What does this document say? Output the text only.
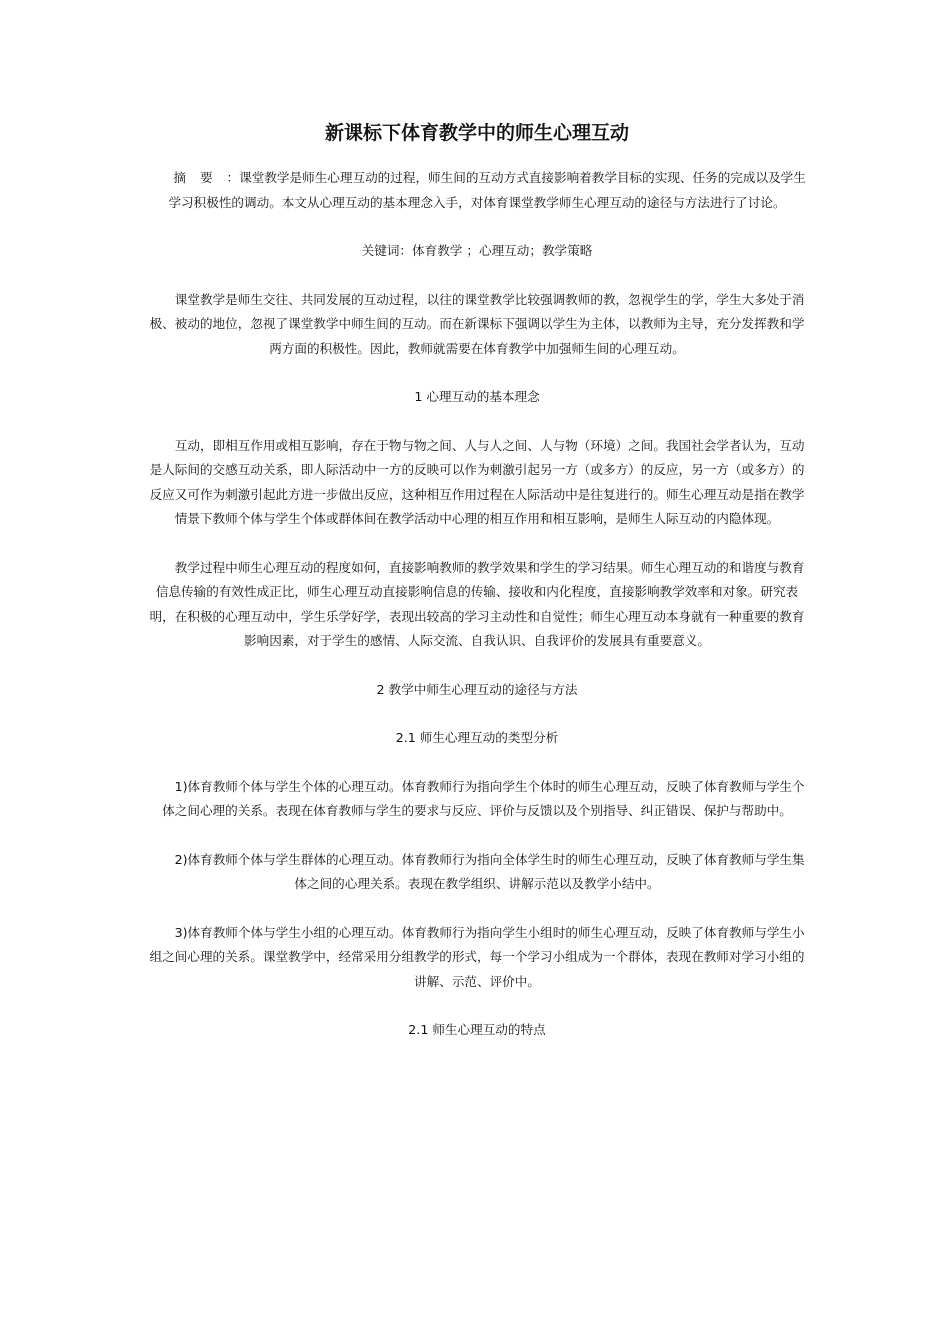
新课标下体育教学中的师生心理互动

摘要：课堂教学是师生心理互动的过程，师生间的互动方式直接影响着教学目标的实现、任务的完成以及学生学习积极性的调动。本文从心理互动的基本理念入手，对体育课堂教学师生心理互动的途径与方法进行了讨论。

关键词：体育教学 ；心理互动；教学策略

课堂教学是师生交往、共同发展的互动过程，以往的课堂教学比较强调教师的教，忽视学生的学，学生大多处于消极、被动的地位，忽视了课堂教学中师生间的互动。而在新课标下强调以学生为主体，以教师为主导，充分发挥教和学两方面的积极性。因此，教师就需要在体育教学中加强师生间的心理互动。

1 心理互动的基本理念

互动，即相互作用或相互影响，存在于物与物之间、人与人之间、人与物（环境）之间。我国社会学者认为，互动是人际间的交感互动关系，即人际活动中一方的反映可以作为刺激引起另一方（或多方）的反应，另一方（或多方）的反应又可作为刺激引起此方进一步做出反应，这种相互作用过程在人际活动中是往复进行的。师生心理互动是指在教学情景下教师个体与学生个体或群体间在教学活动中心理的相互作用和相互影响，是师生人际互动的内隐体现。

教学过程中师生心理互动的程度如何，直接影响教师的教学效果和学生的学习结果。师生心理互动的和谐度与教育信息传输的有效性成正比，师生心理互动直接影响信息的传输、接收和内化程度，直接影响教学效率和对象。研究表明，在积极的心理互动中，学生乐学好学，表现出较高的学习主动性和自觉性；师生心理互动本身就有一种重要的教育影响因素，对于学生的感情、人际交流、自我认识、自我评价的发展具有重要意义。

2 教学中师生心理互动的途径与方法

2.1 师生心理互动的类型分析

1)体育教师个体与学生个体的心理互动。体育教师行为指向学生个体时的师生心理互动，反映了体育教师与学生个体之间心理的关系。表现在体育教师与学生的要求与反应、评价与反馈以及个别指导、纠正错误、保护与帮助中。

2)体育教师个体与学生群体的心理互动。体育教师行为指向全体学生时的师生心理互动，反映了体育教师与学生集体之间的心理关系。表现在教学组织、讲解示范以及教学小结中。

3)体育教师个体与学生小组的心理互动。体育教师行为指向学生小组时的师生心理互动，反映了体育教师与学生小组之间心理的关系。课堂教学中，经常采用分组教学的形式，每一个学习小组成为一个群体，表现在教师对学习小组的讲解、示范、评价中。

2.1 师生心理互动的特点
